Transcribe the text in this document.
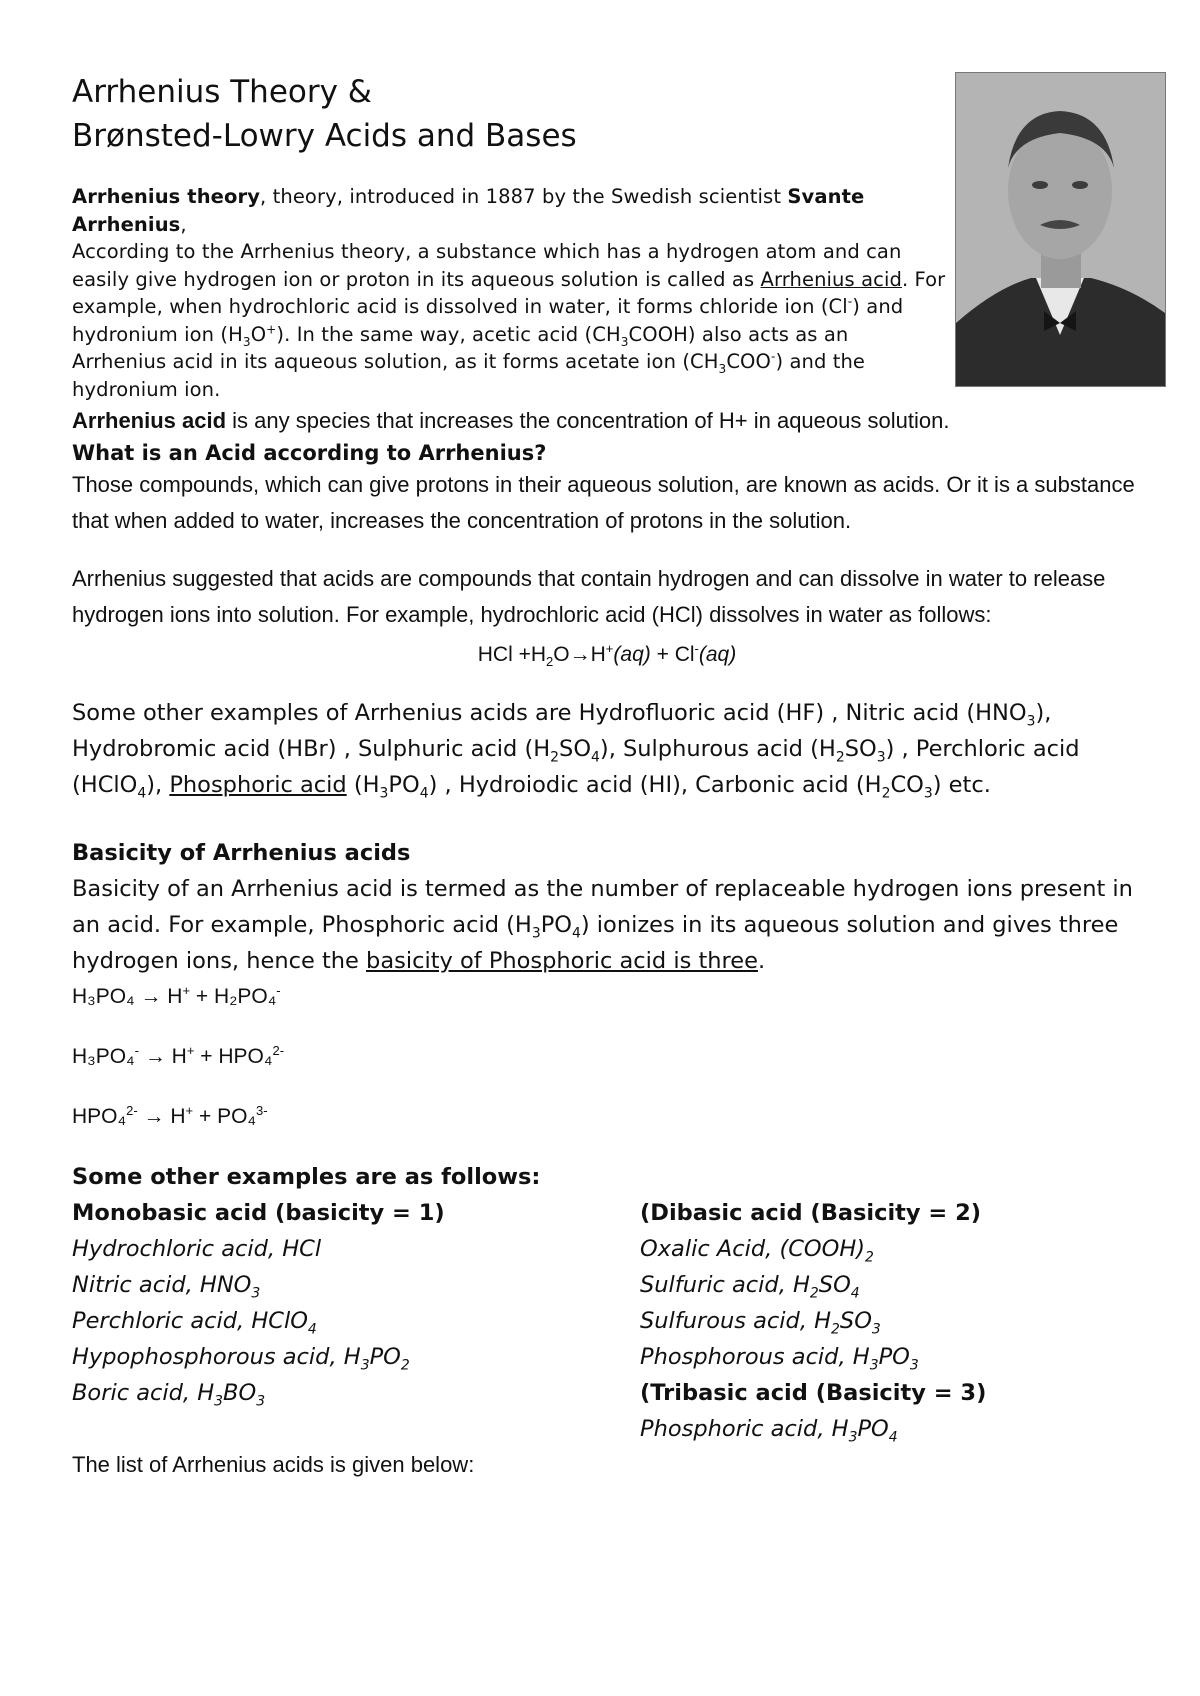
Arrhenius Theory &
Brønsted-Lowry Acids and Bases
Arrhenius theory, theory, introduced in 1887 by the Swedish scientist Svante Arrhenius,
According to the Arrhenius theory, a substance which has a hydrogen atom and can easily give hydrogen ion or proton in its aqueous solution is called as Arrhenius acid. For example, when hydrochloric acid is dissolved in water, it forms chloride ion (Cl-) and hydronium ion $(H_3O^+)$. In the same way, acetic acid $(CH_3COOH)$ also acts as an Arrhenius acid in its aqueous solution, as it forms acetate ion $(CH_3COO^-)$ and the hydronium ion.
Arrhenius acid is any species that increases the concentration of H+ in aqueous solution.
What is an Acid according to Arrhenius?

Those compounds, which can give protons in their aqueous solution, are known as acids. Or it is a substance that when added to water, increases the concentration of protons in the solution.

Arrhenius suggested that acids are compounds that contain hydrogen and can dissolve in water to release hydrogen ions into solution. For example, hydrochloric acid (HCl) dissolves in water as follows:

HCl $+H_2O\to H^+(aq) + Cl^-(aq)$

Some other examples of Arrhenius acids are Hydrofluoric acid (HF) , Nitric acid $(HNO_3)$, Hydrobromic acid (HBr) , Sulphuric acid $(H_2SO_4)$, Sulphurous acid $(H_2SO_3)$ , Perchloric acid (HClO$_4$), Phosphoric acid $(H_3PO_4)$ , Hydroiodic acid (HI), Carbonic acid $(H_2CO_3)$ etc.

Basicity of Arrhenius acids

Basicity of an Arrhenius acid is termed as the number of replaceable hydrogen ions present in an acid. For example, Phosphoric acid $(H_3PO_4)$ ionizes in its aqueous solution and gives three hydrogen ions, hence the basicity of Phosphoric acid is three.

H₃PO₄ → H+ + H₂PO₄-
H₃PO₄- → H+ + HPO₄$^{2-}$
HPO₄$^{2-}$ → H+ + PO₄$^{3-}$
Some other examples are as follows:
Monobasic acid (basicity = 1)
Hydrochloric acid, HCl
Nitric acid, $HNO_3$
Perchloric acid, HClO$_4$
Hypophosphorous acid, $H_3PO_2$
Boric acid, $H_3BO_3$
(Dibasic acid (Basicity = 2)
Oxalic Acid, $(COOH)_2$
Sulfuric acid, $H_2SO_4$
Sulfurous acid, $H_2SO_3$
Phosphorous acid, $H_3PO_3$
(Tribasic acid (Basicity = 3)
Phosphoric acid, $H_3PO_4$
The list of Arrhenius acids is given below:
